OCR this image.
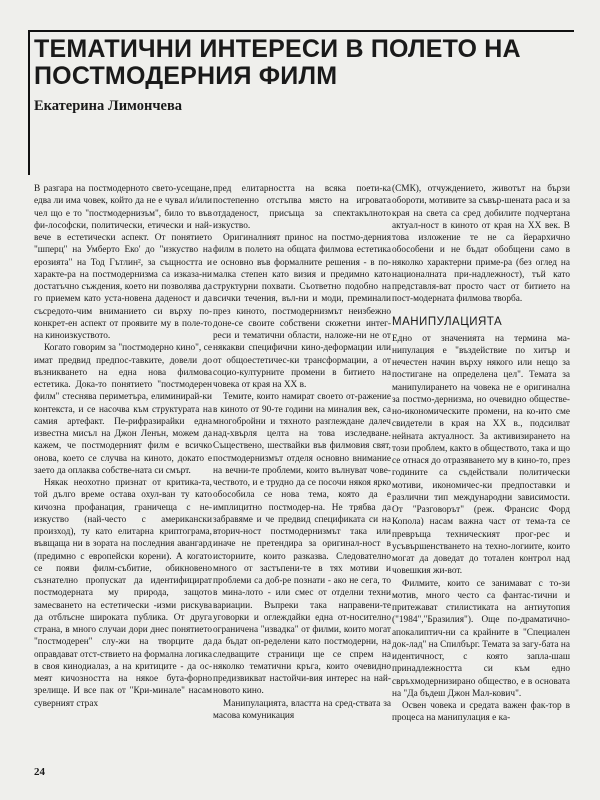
ТЕМАТИЧНИ ИНТЕРЕСИ В ПОЛЕТО НА ПОСТМОДЕРНИЯ ФИЛМ
Екатерина Лимончева

В разгара на постмодерното свето-усещане, едва ли има човек, който да не е чувал и/или чел що е то "постмодернизъм", било то във фи-лософски, политически, етически и най-вече в естетически аспект. От понятието "шперц" на Умберто Еко' до "изкуство на ерозията" на Тод Гътлин², за същността и характе-ра на постмодернизма са изказа-ни достатъчно съждения, което ни позволява да го приемем като уста-новена даденост и да съсредото-чим вниманието си върху по-конкрет-ен аспект от проявите му в поле-то на киноизкуството.

Когато говорим за "постмодерно кино", се имат предвид предпос-тавките, довели до възникването на една нова филмова естетика. Дока-то понятието "постмодерен филм" стеснява периметъра, елиминирай-ки контекста, и се насочва към структурата на самия артефакт. Пе-рифразирайки една известна мисъл на Джон Ленън, можем да кажем, че постмодерният филм е всичко онова, което се случва на киното, докато е заето да оплаква собстве-ната си смърт.

Някак неохотно признат от критика-та, той дълго време остава охул-ван ту като кичозна профанация, граничеща с не-изкуство (най-често с американски произход), ту като елитарна криптограма, въвщаща ни в зората на последния авангард (предимно с европейски корени). А когато се появи филм-събитие, обикновено съзнателно пропускат да идентифицират постмодерната му природа, защото замесването на естетически -изми рискува да отблъсне широката публика. От друга страна, в много случаи дори днес понятието "постмодерен" слу-жи на творците да оправдават отст-ствието на формална логика в своя кинодиалаз, а на критиците - да ос-меят кичозността на някое бута-форно зрелище. И все пак от "Кри-минале" насам суверният страх

пред елитарността на всяка поети-ка постепенно отстъпва място на игровата отдаденост, присъща за спектакълното изкуство.

Оригиналният принос на постмо-дерния филм в полето на общата филмова естетика е основно във формалните решения - в по-малка степен като визия и предимно като структурни похвати. Съответно подобно на всички течения, въл-ни и моди, преминали през киното, постмодернизмът неизбежно доне-се своите собствени сюжетни интег-реси и тематични области, наложе-ни не от някакви специфични кино-деформации или от общоестетичес-ки трансформации, а от социо-културните промени в битието на човека от края на XX в.

Темите, които намират своето от-ражение в киното от 90-те години на миналия век, са многобройни и тяхното разглеждане далеч над-хвърля целта на това изследване. Съществено, шествайки във филмовия свят, постмодернизмът отделя основно внимание на вечни-те проблеми, които вълнуват чове-чеството, и е трудно да се посочи някоя ярко обособила се нова тема, която да е имплицитно постмодер-на. Не трябва да забравяме и че предвид спецификата си на вторич-ност постмодернизмът така или иначе не претендира за оригинал-ност в историите, които разказва. Следователно много от застъпени-те в тях мотиви и проблеми са доб-ре познати - ако не сега, то в мина-лото - или смес от отделни техни вариации. Въпреки така направени-те уговорки и оглеждайки една от-носително ограничена "извадка" от филми, които могат да бъдат оп-ределени като постмодерни, на следващите страници ще се спрем на няколко тематични кръга, които очевидно предизвикват настойчи-вия интерес на най-новото кино.

Манипулацията, властта на сред-ствата за масова комуникация

(СМК), отчуждението, животът на бързи обороти, мотивите за съвър-шената раса и за края на света са сред добилите подчертана актуал-ност в киното от края на XX век. В това изложение те не са йерархично обособени и не бъдат обобщени само в няколко характерни приме-ра (без оглед на националната при-надлежност), тъй като представля-ват просто част от битието на пост-модерната филмова творба.

МАНИПУЛАЦИЯТА

Едно от значенията на термина ма-нипулация е "въздействие по хитър и нечестен начин върху някого или нещо за постигане на определена цел". Темата за манипулирането на човека не е оригинална за постмо-дернизма, но очевидно обществе-но-икономическите промени, на ко-ито сме свидетели в края на XX в., подсилват нейната актуалност. За активизирането на този проблем, както в обществото, така и що се отнася до отразяването му в кино-то, през годините са съдействали политически мотиви, икономичес-ки предпоставки и различни тип международни зависимости. От "Разговорът" (реж. Франсис Форд Копола) насам важна част от тема-та се превръща техническият прог-рес и усъвършенстването на техно-логиите, които могат да доведат до тотален контрол над човешкия жи-вот.

Филмите, които се занимават с то-зи мотив, много често са фантас-тични и притежават стилистиката на антиутопия ("1984","Бразилия"). Още по-драматично-апокалиптич-ни са крайните в "Специален док-лад" на Спилбърг. Темата за загу-бата на идентичност, с която запла-шаш принадлежността си към едно свръхмодернизирано общество, е в основата на "Да бъдеш Джон Мал-кович".

Освен човека и средата важен фак-тор в процеса на манипулация е ка-

24
